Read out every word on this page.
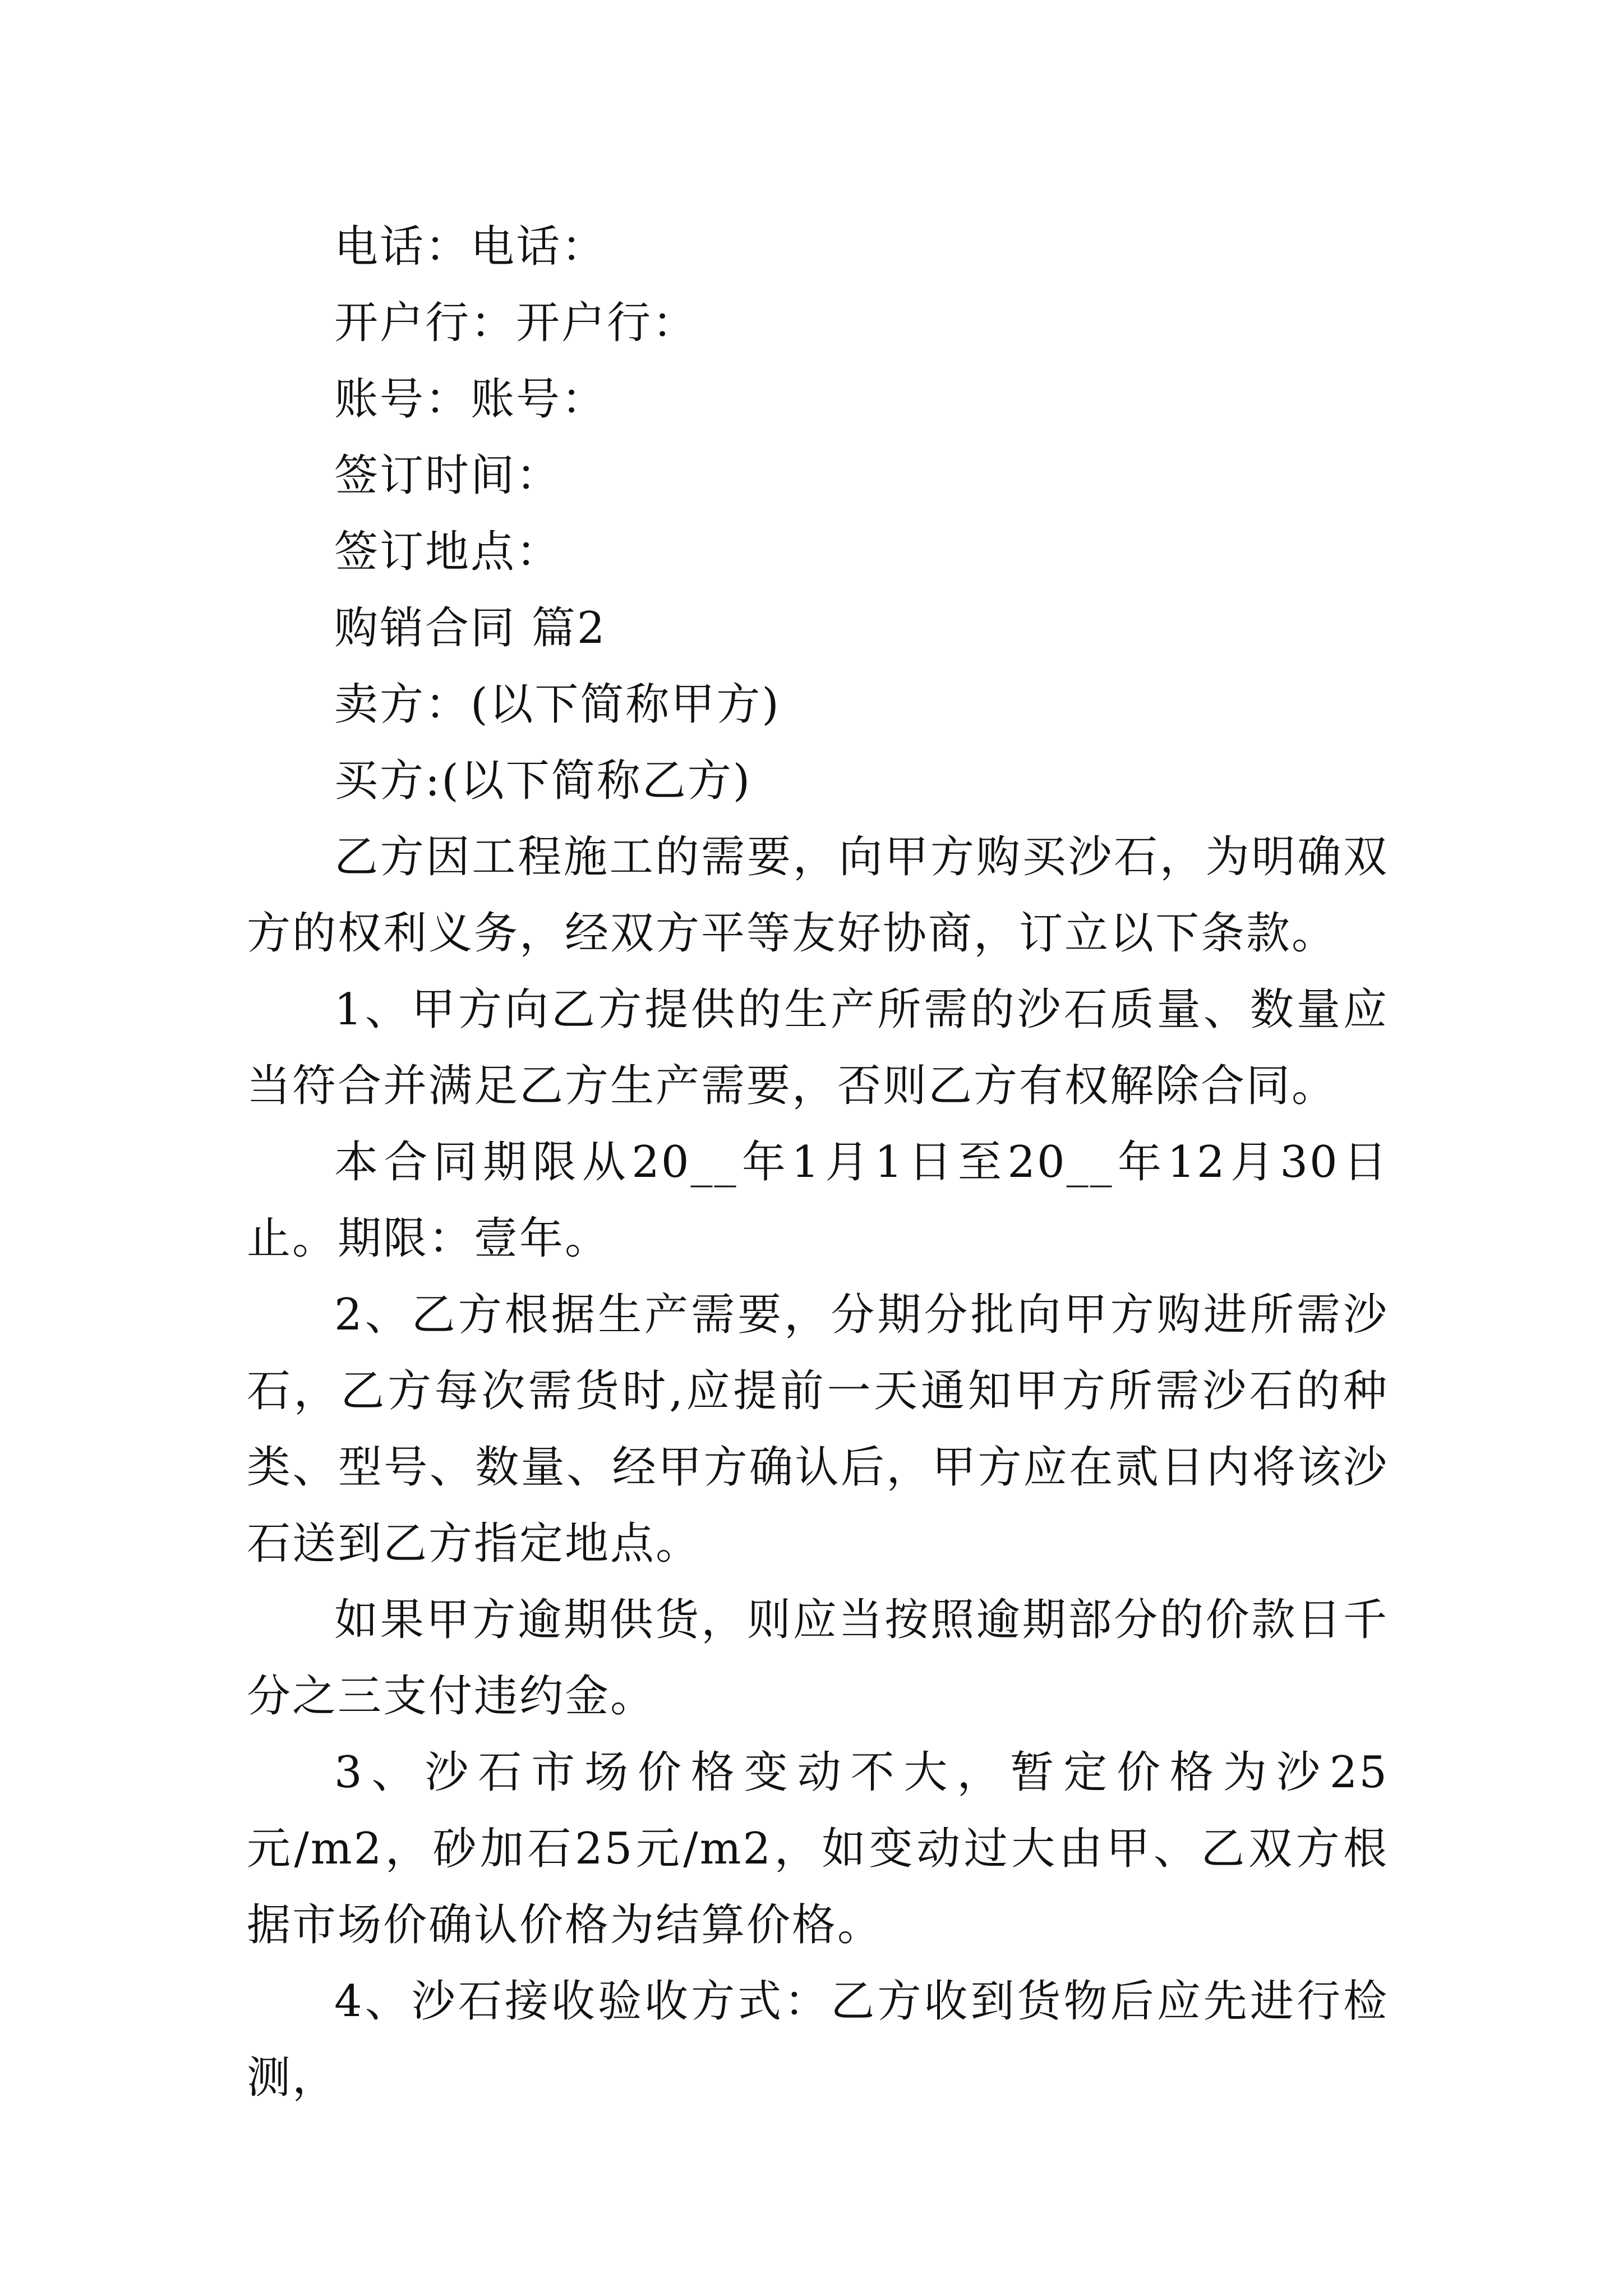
电话：电话：
开户行：开户行：
账号：账号：
签订时间：
签订地点：
购销合同 篇2
卖方：(以下简称甲方)
买方:(以下简称乙方)

乙方因工程施工的需要，向甲方购买沙石，为明确双方的权利义务，经双方平等友好协商，订立以下条款。

1、甲方向乙方提供的生产所需的沙石质量、数量应当符合并满足乙方生产需要，否则乙方有权解除合同。

本合同期限从20__年1月1日至20__年12月30日止。期限：壹年。

2、乙方根据生产需要，分期分批向甲方购进所需沙石，乙方每次需货时,应提前一天通知甲方所需沙石的种类、型号、数量、经甲方确认后，甲方应在贰日内将该沙石送到乙方指定地点。

如果甲方逾期供货，则应当按照逾期部分的价款日千分之三支付违约金。

3、沙石市场价格变动不大，暂定价格为沙25元/m2，砂加石25元/m2，如变动过大由甲、乙双方根据市场价确认价格为结算价格。

4、沙石接收验收方式：乙方收到货物后应先进行检测，
